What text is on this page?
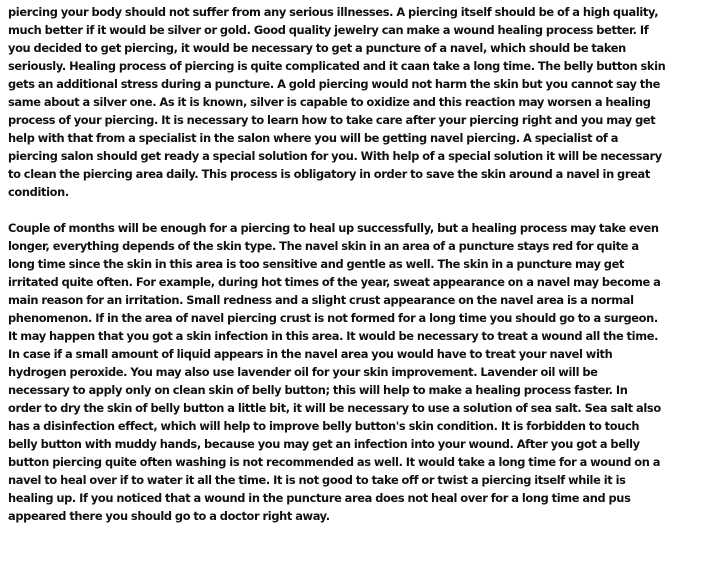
piercing your body should not suffer from any serious illnesses. A piercing itself should be of a high quality,
much better if it would be silver or gold. Good quality jewelry can make a wound healing process better. If
you decided to get piercing, it would be necessary to get a puncture of a navel, which should be taken
seriously. Healing process of piercing is quite complicated and it caan take a long time. The belly button skin
gets an additional stress during a puncture. A gold piercing would not harm the skin but you cannot say the
same about a silver one. As it is known, silver is capable to oxidize and this reaction may worsen a healing
process of your piercing. It is necessary to learn how to take care after your piercing right and you may get
help with that from a specialist in the salon where you will be getting navel piercing. A specialist of a
piercing salon should get ready a special solution for you. With help of a special solution it will be necessary
to clean the piercing area daily. This process is obligatory in order to save the skin around a navel in great
condition.
Couple of months will be enough for a piercing to heal up successfully, but a healing process may take even
longer, everything depends of the skin type. The navel skin in an area of a puncture stays red for quite a
long time since the skin in this area is too sensitive and gentle as well. The skin in a puncture may get
irritated quite often. For example, during hot times of the year, sweat appearance on a navel may become a
main reason for an irritation. Small redness and a slight crust appearance on the navel area is a normal
phenomenon. If in the area of navel piercing crust is not formed for a long time you should go to a surgeon.
It may happen that you got a skin infection in this area. It would be necessary to treat a wound all the time.
In case if a small amount of liquid appears in the navel area you would have to treat your navel with
hydrogen peroxide. You may also use lavender oil for your skin improvement. Lavender oil will be
necessary to apply only on clean skin of belly button; this will help to make a healing process faster. In
order to dry the skin of belly button a little bit, it will be necessary to use a solution of sea salt. Sea salt also
has a disinfection effect, which will help to improve belly button's skin condition. It is forbidden to touch
belly button with muddy hands, because you may get an infection into your wound. After you got a belly
button piercing quite often washing is not recommended as well. It would take a long time for a wound on a
navel to heal over if to water it all the time. It is not good to take off or twist a piercing itself while it is
healing up. If you noticed that a wound in the puncture area does not heal over for a long time and pus
appeared there you should go to a doctor right away.
